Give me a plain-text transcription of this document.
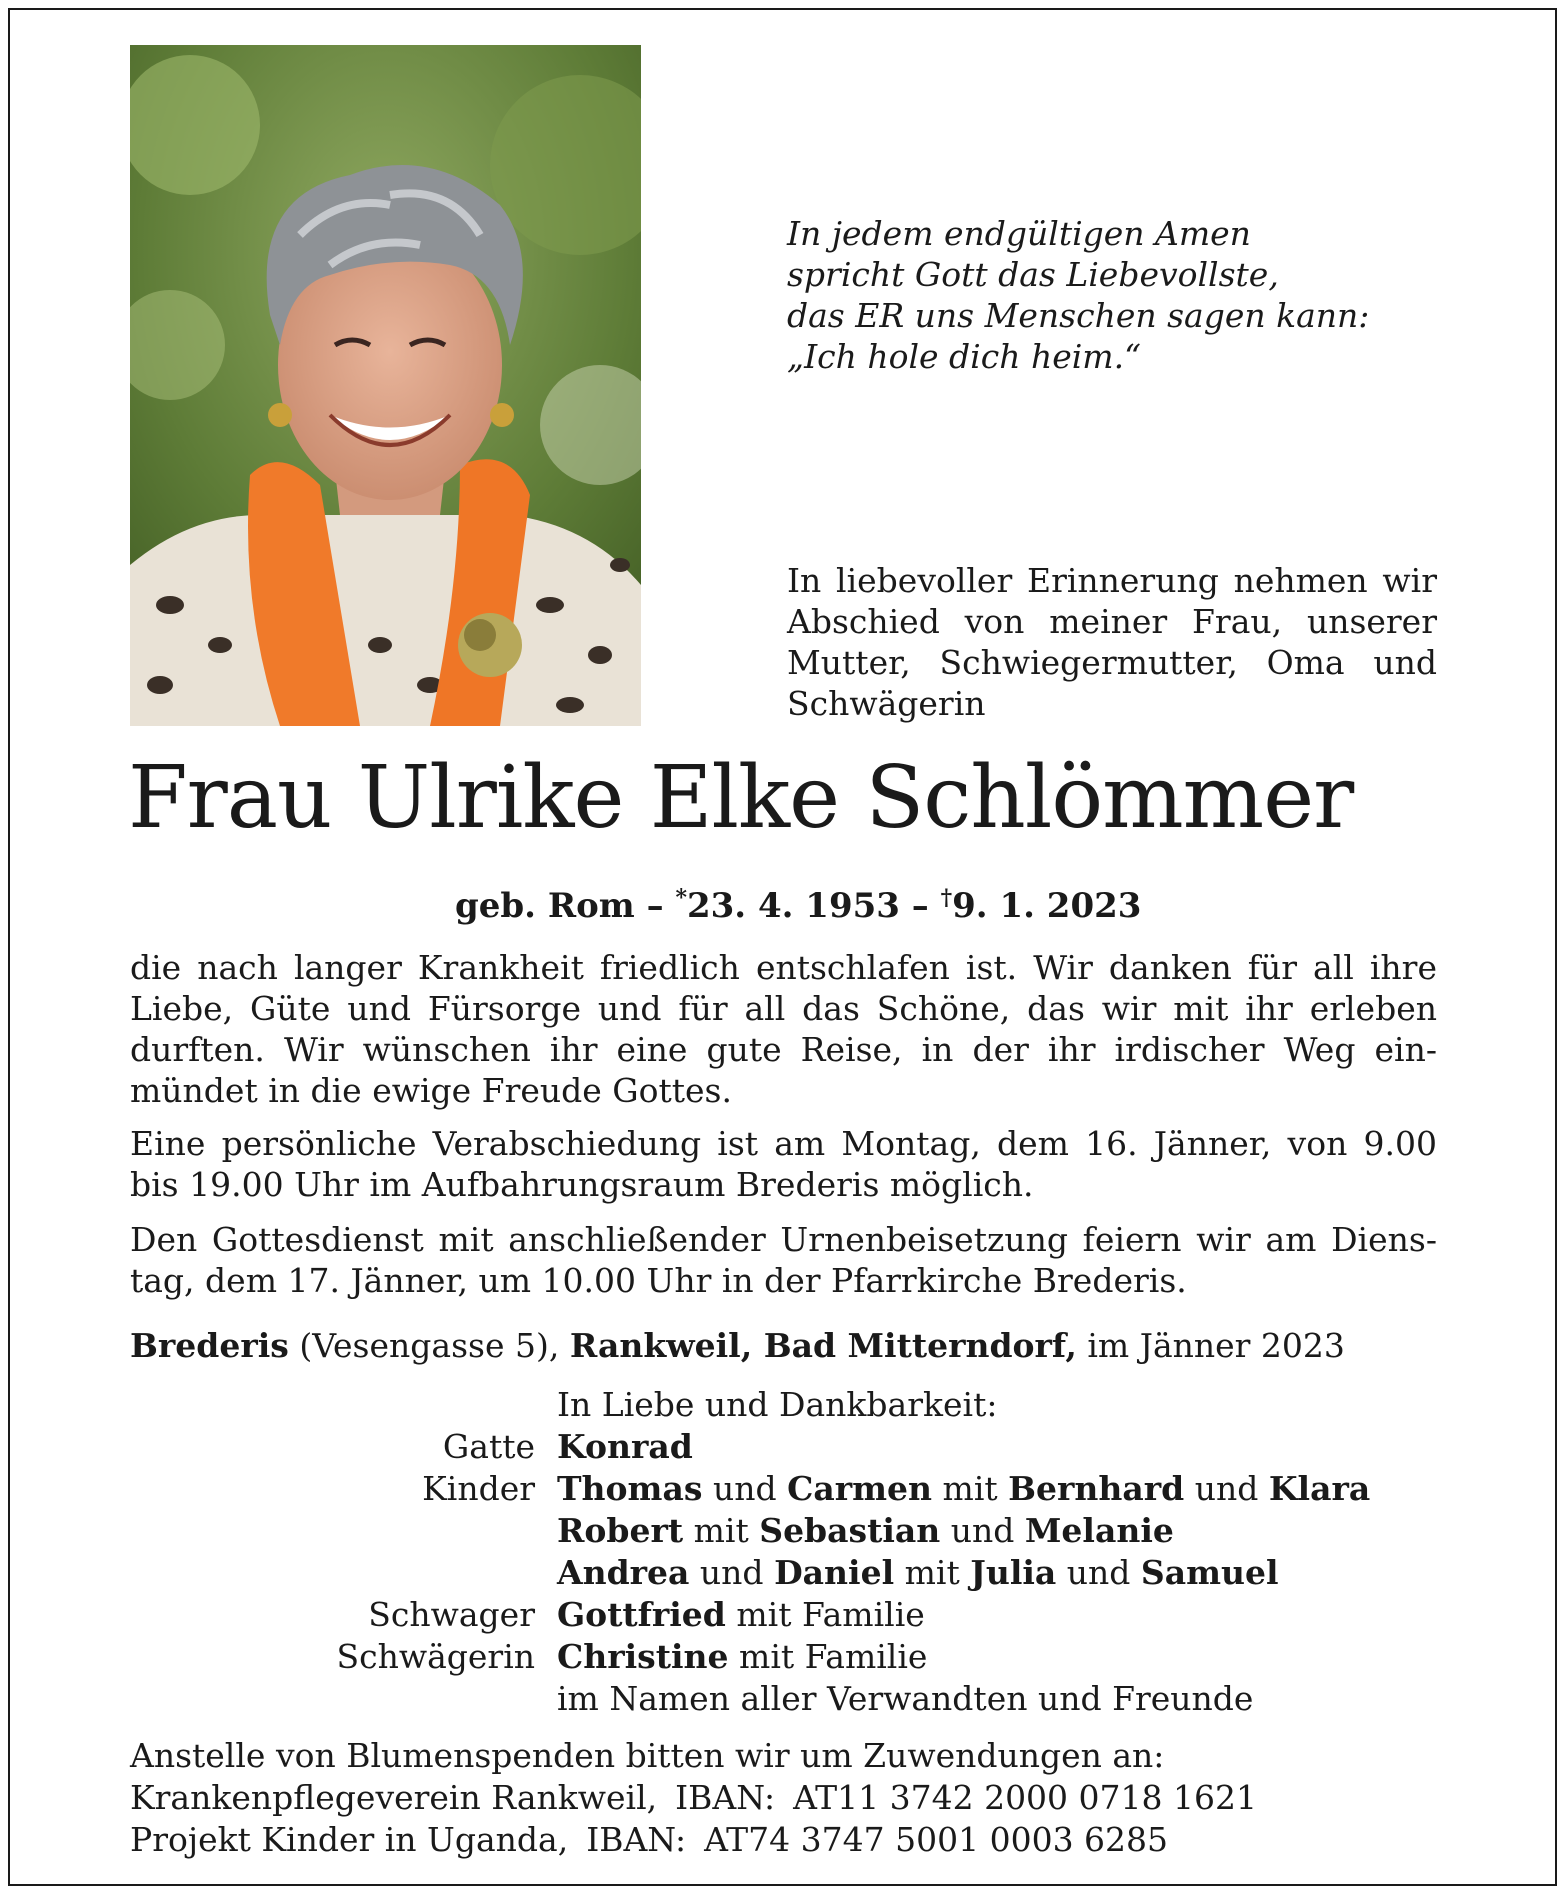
In jedem endgültigen Amen
spricht Gott das Liebevollste,
das ER uns Menschen sagen kann:
„Ich hole dich heim.“
In liebevoller Erinnerung nehmen wir Abschied von meiner Frau, unserer Mutter, Schwiegermutter, Oma und Schwägerin
Frau Ulrike Elke Schlömmer
geb. Rom – *23. 4. 1953 – †9. 1. 2023
die nach langer Krankheit friedlich entschlafen ist. Wir danken für all ihre Liebe, Güte und Fürsorge und für all das Schöne, das wir mit ihr erleben durften. Wir wünschen ihr eine gute Reise, in der ihr irdischer Weg einmündet in die ewige Freude Gottes.
Eine persönliche Verabschiedung ist am Montag, dem 16. Jänner, von 9.00 bis 19.00 Uhr im Aufbahrungsraum Brederis möglich.
Den Gottesdienst mit anschließender Urnenbeisetzung feiern wir am Dienstag, dem 17. Jänner, um 10.00 Uhr in der Pfarrkirche Brederis.
Brederis (Vesengasse 5), Rankweil, Bad Mitterndorf, im Jänner 2023
In Liebe und Dankbarkeit:
Gatte Konrad
Kinder Thomas und Carmen mit Bernhard und Klara
Robert mit Sebastian und Melanie
Andrea und Daniel mit Julia und Samuel
Schwager Gottfried mit Familie
Schwägerin Christine mit Familie
im Namen aller Verwandten und Freunde
Anstelle von Blumenspenden bitten wir um Zuwendungen an:
Krankenpflegeverein Rankweil, IBAN: AT11 3742 2000 0718 1621
Projekt Kinder in Uganda, IBAN: AT74 3747 5001 0003 6285
